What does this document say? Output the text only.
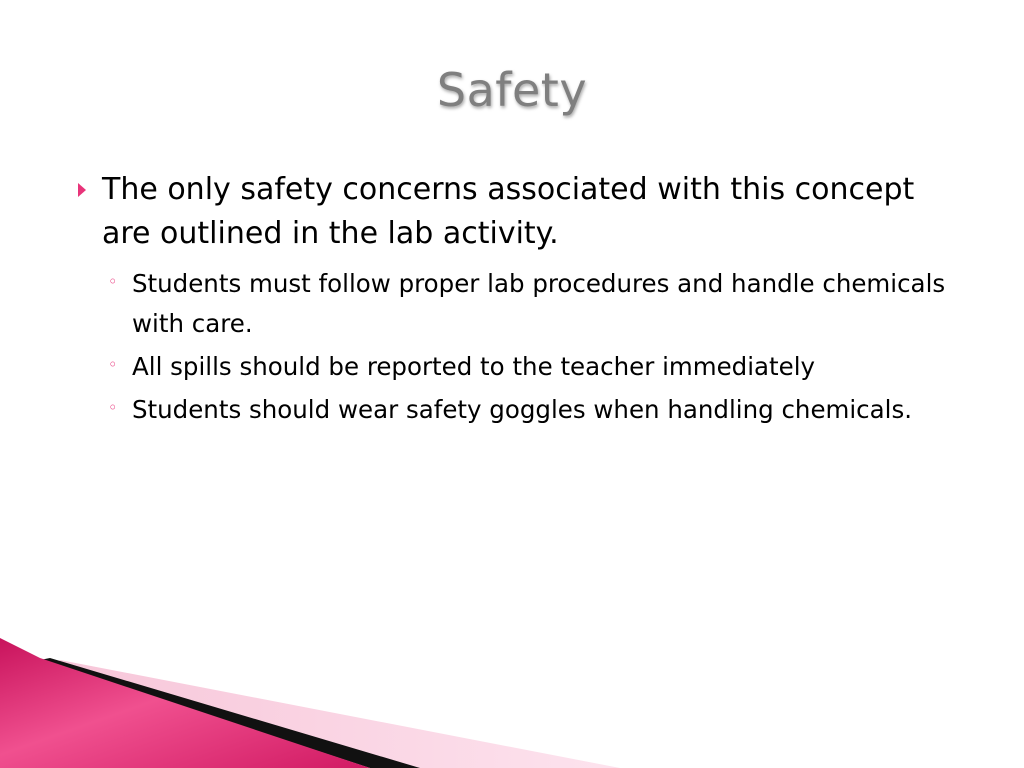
Safety
The only safety concerns associated with this concept are outlined in the lab activity.
◦ Students must follow proper lab procedures and handle chemicals with care.
◦ All spills should be reported to the teacher immediately
◦ Students should wear safety goggles when handling chemicals.
